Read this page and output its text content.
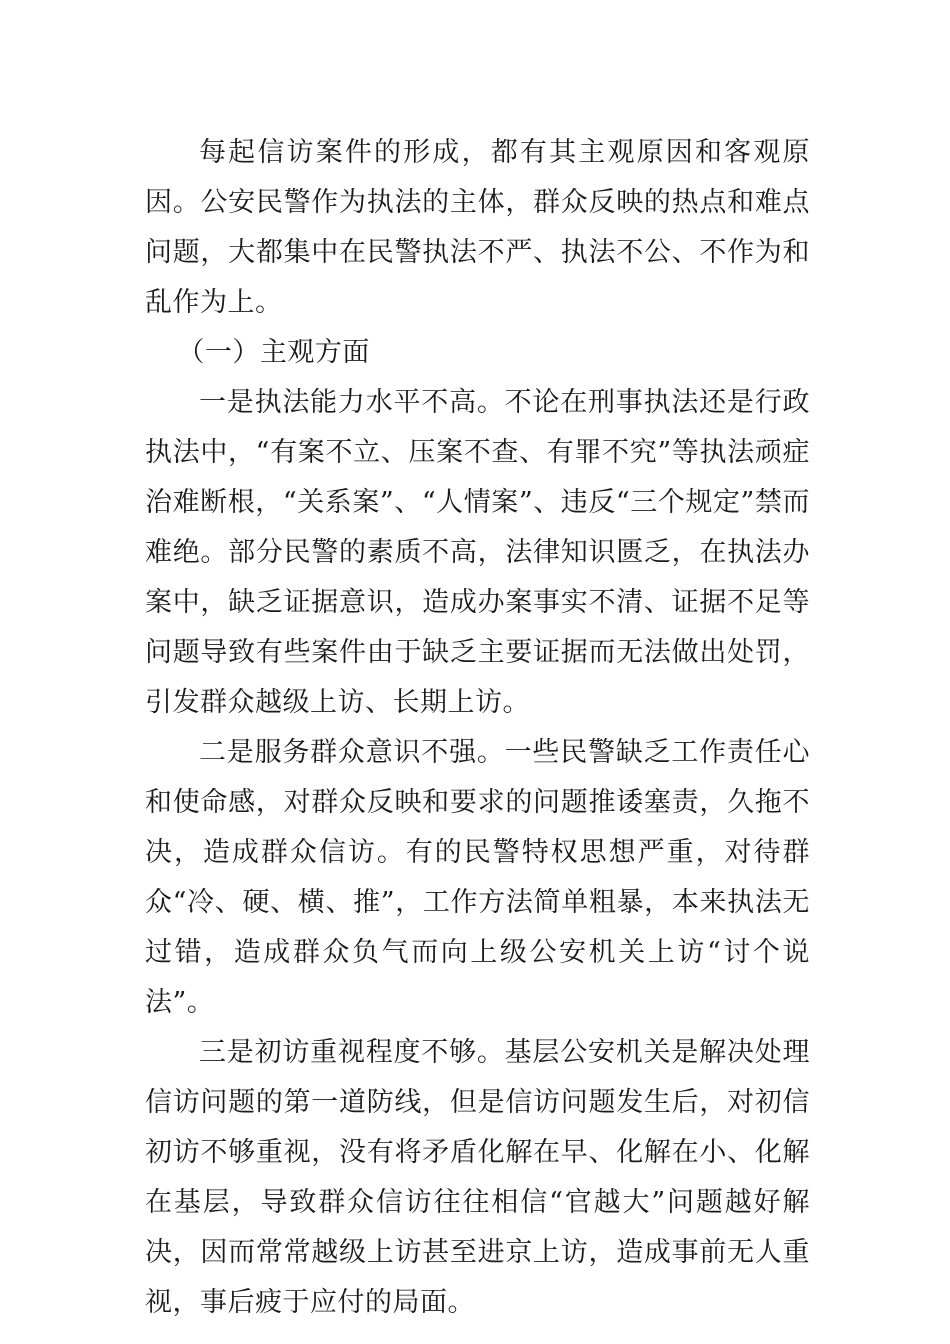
每起信访案件的形成，都有其主观原因和客观原因。公安民警作为执法的主体，群众反映的热点和难点问题，大都集中在民警执法不严、执法不公、不作为和乱作为上。

（一）主观方面

一是执法能力水平不高。不论在刑事执法还是行政执法中，“有案不立、压案不查、有罪不究”等执法顽症治难断根，“关系案”、“人情案”、违反“三个规定”禁而难绝。部分民警的素质不高，法律知识匮乏，在执法办案中，缺乏证据意识，造成办案事实不清、证据不足等问题导致有些案件由于缺乏主要证据而无法做出处罚，引发群众越级上访、长期上访。

二是服务群众意识不强。一些民警缺乏工作责任心和使命感，对群众反映和要求的问题推诿塞责，久拖不决，造成群众信访。有的民警特权思想严重，对待群众“冷、硬、横、推”，工作方法简单粗暴，本来执法无过错，造成群众负气而向上级公安机关上访“讨个说法”。

三是初访重视程度不够。基层公安机关是解决处理信访问题的第一道防线，但是信访问题发生后，对初信初访不够重视，没有将矛盾化解在早、化解在小、化解在基层，导致群众信访往往相信“官越大”问题越好解决，因而常常越级上访甚至进京上访，造成事前无人重视，事后疲于应付的局面。
